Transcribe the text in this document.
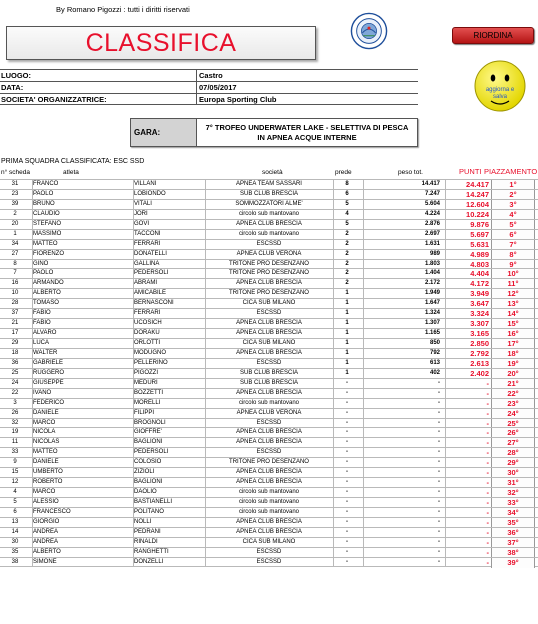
By Romano Pigozzi : tutti i diritti riservati
CLASSIFICA	RIORDINA
aggiorna e
salva
LUOGO:	Castro
DATA:	07/05/2017
SOCIETA' ORGANIZZATRICE:	Europa Sporting Club
GARA:
7° TROFEO UNDERWATER LAKE - SELETTIVA DI PESCA IN APNEA ACQUE INTERNE
PRIMA SQUADRA CLASSIFICATA: ESC SSD
n° scheda	atleta	società	prede	peso tot.	PUNTI PIAZZAMENTO
31	FRANCO	VILLANI	APNEA TEAM SASSARI	8	14.417	24.417	1°
23	PAOLO	LOBIONDO	SUB CLUB BRESCIA	6	7.247	14.247	2°
39	BRUNO	VITALI	SOMMOZZATORI ALME'	5	5.604	12.604	3°
2	CLAUDIO	JORI	circolo sub mantovano	4	4.224	10.224	4°
20	STEFANO	GOVI	APNEA CLUB BRESCIA	5	2.876	9.876	5°
1	MASSIMO	TACCONI	circolo sub mantovano	2	2.697	5.697	6°
34	MATTEO	FERRARI	ESCSSD	2	1.631	5.631	7°
27	FIORENZO	DONATELLI	APNEA CLUB VERONA	2	989	4.989	8°
8	GINO	GALLINA	TRITONE PRO DESENZANO	2	1.803	4.803	9°
7	PAOLO	PEDERSOLI	TRITONE PRO DESENZANO	2	1.404	4.404	10°
16	ARMANDO	ABRAMI	APNEA CLUB BRESCIA	2	2.172	4.172	11°
10	ALBERTO	AMICABILE	TRITONE PRO DESENZANO	1	1.949	3.949	12°
28	TOMASO	BERNASCONI	CICA SUB MILANO	1	1.647	3.647	13°
37	FABIO	FERRARI	ESCSSD	1	1.324	3.324	14°
21	FABIO	UCOSICH	APNEA CLUB BRESCIA	1	1.307	3.307	15°
17	ALVARO	DORAKU	APNEA CLUB BRESCIA	1	1.165	3.165	16°
29	LUCA	ORLOTTI	CICA SUB MILANO	1	850	2.850	17°
18	WALTER	MODUGNO	APNEA CLUB BRESCIA	1	792	2.792	18°
36	GABRIELE	PELLERINO	ESCSSD	1	613	2.613	19°
25	RUGGERO	PIGOZZI	SUB CLUB BRESCIA	1	402	2.402	20°
24	GIUSEPPE	MEDURI	SUB CLUB BRESCIA	-	-	-	21°
22	IVANO	BOZZETTI	APNEA CLUB BRESCIA	-	-	-	22°
3	FEDERICO	MORELLI	circolo sub mantovano	-	-	-	23°
26	DANIELE	FILIPPI	APNEA CLUB VERONA	-	-	-	24°
32	MARCO	BROGNOLI	ESCSSD	-	-	-	25°
19	NICOLA	GIOFFRE'	APNEA CLUB BRESCIA	-	-	-	26°
11	NICOLAS	BAGLIONI	APNEA CLUB BRESCIA	-	-	-	27°
33	MATTEO	PEDERSOLI	ESCSSD	-	-	-	28°
9	DANIELE	COLOSIO	TRITONE PRO DESENZANO	-	-	-	29°
15	UMBERTO	ZIZIOLI	APNEA CLUB BRESCIA	-	-	-	30°
12	ROBERTO	BAGLIONI	APNEA CLUB BRESCIA	-	-	-	31°
4	MARCO	DAOLIO	circolo sub mantovano	-	-	-	32°
5	ALESSIO	BASTIANELLI	circolo sub mantovano	-	-	-	33°
6	FRANCESCO	POLITANO	circolo sub mantovano	-	-	-	34°
13	GIORGIO	NOLLI	APNEA CLUB BRESCIA	-	-	-	35°
14	ANDREA	PEDRANI	APNEA CLUB BRESCIA	-	-	-	36°
30	ANDREA	RINALDI	CICA SUB MILANO	-	-	-	37°
35	ALBERTO	RANGHETTI	ESCSSD	-	-	-	38°
38	SIMONE	DONZELLI	ESCSSD	-	-	-	39°
